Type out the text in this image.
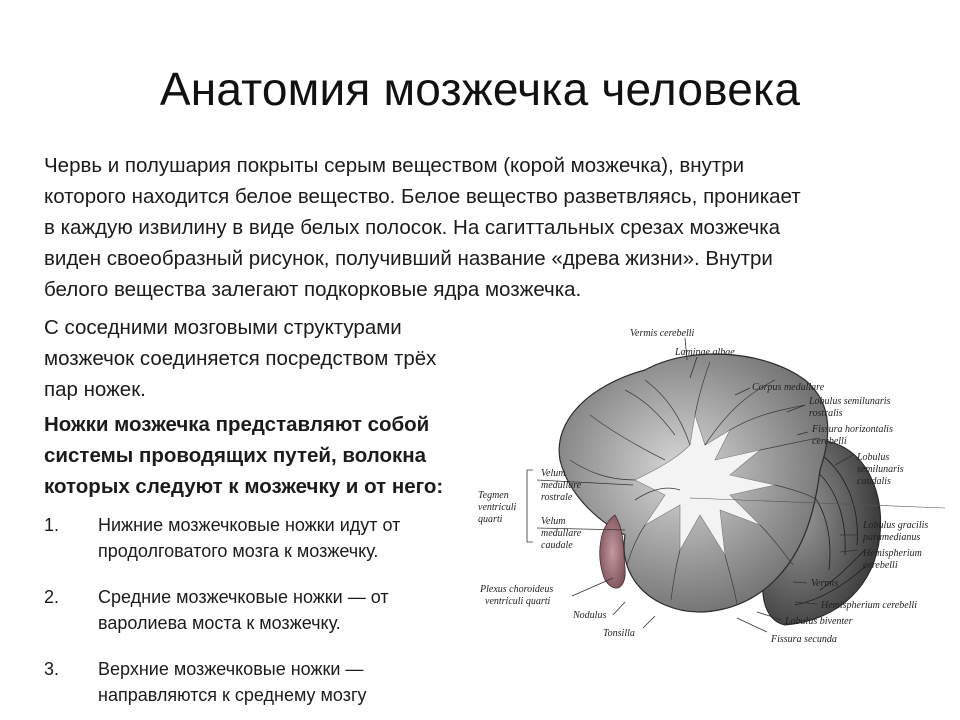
Анатомия мозжечка человека

Червь и полушария покрыты серым веществом (корой мозжечка), внутри

которого находится белое вещество. Белое вещество разветвляясь, проникает

в каждую извилину в виде белых полосок. На сагиттальных срезах мозжечка

виден своеобразный рисунок, получивший название «древа жизни». Внутри

белого вещества залегают подкорковые ядра мозжечка.

С соседними мозговыми структурами

мозжечок соединяется посредством трёх

пар ножек.

Ножки мозжечка представляют собой
системы проводящих путей, волокна
которых следуют к мозжечку и от него:

1. Нижние мозжечковые ножки идут от
продолговатого мозга к мозжечку.
2. Средние мозжечковые ножки — от
варолиева моста к мозжечку.
3. Верхние мозжечковые ножки —
направляются к среднему мозгу
Vermis cerebelli
Laminae albae
Corpus medullare
Lobulus semilunaris
rostralis
Fissura horizontalis
cerebelli
Lobulus
semilunaris
caudalis
Velum
medullare
rostrale
Tegmen
ventriculi
quarti	Velum
medullare
caudale
Lobulus gracilis
paramedianus
Hemispherium
cerebelli
Plexus choroideus
ventriculi quarti
Vermis
Hemispherium cerebelli
Nodulus
Lobulus biventer
Tonsilla
Fissura secunda
